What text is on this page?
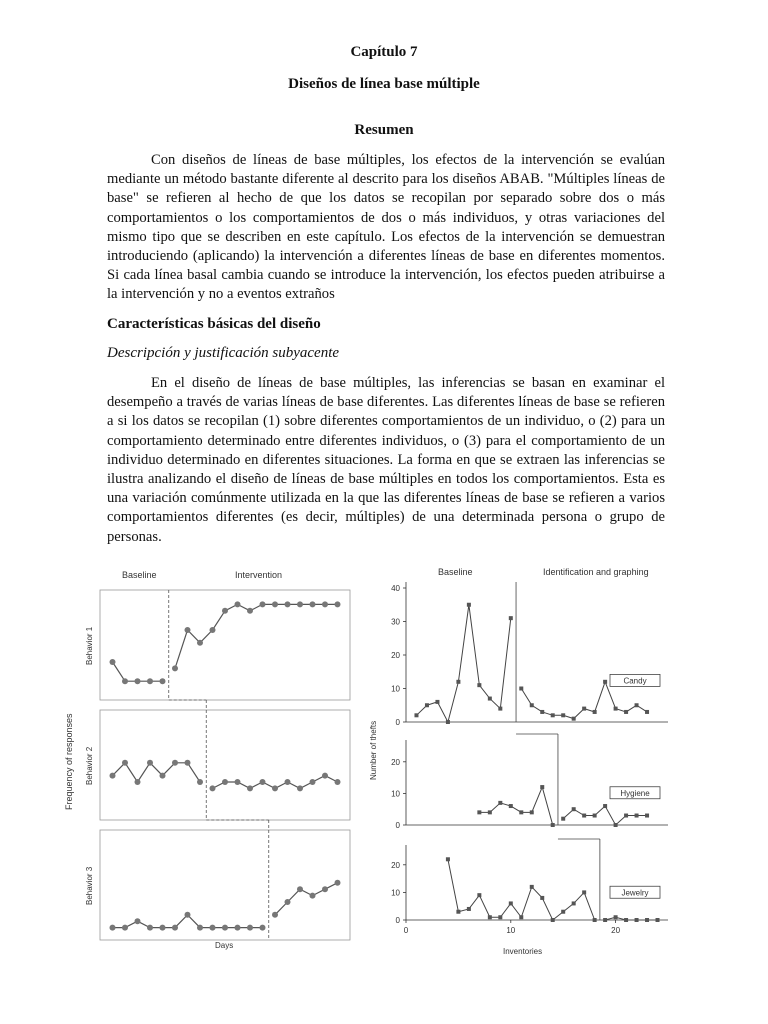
Capítulo 7
Diseños de línea base múltiple
Resumen

Con diseños de líneas de base múltiples, los efectos de la intervención se evalúan mediante un método bastante diferente al descrito para los diseños ABAB. "Múltiples líneas de base" se refieren al hecho de que los datos se recopilan por separado sobre dos o más comportamientos o los comportamientos de dos o más individuos, y otras variaciones del mismo tipo que se describen en este capítulo. Los efectos de la intervención se demuestran introduciendo (aplicando) la intervención a diferentes líneas de base en diferentes momentos. Si cada línea basal cambia cuando se introduce la intervención, los efectos pueden atribuirse a la intervención y no a eventos extraños

Características básicas del diseño
Descripción y justificación subyacente

En el diseño de líneas de base múltiples, las inferencias se basan en examinar el desempeño a través de varias líneas de base diferentes. Las diferentes líneas de base se refieren a si los datos se recopilan (1) sobre diferentes comportamientos de un individuo, o (2) para un comportamiento determinado entre diferentes individuos, o (3) para el comportamiento de un individuo determinado en diferentes situaciones. La forma en que se extraen las inferencias se ilustra analizando el diseño de líneas de base múltiples en todos los comportamientos. Esta es una variación comúnmente utilizada en la que las diferentes líneas de base se refieren a varios comportamientos diferentes (es decir, múltiples) de una determinada persona o grupo de personas.

Baseline	Intervention
Days
Frequency of responses
Behavior 1
Behavior 2
Behavior 3
Baseline	Identification and graphing
Inventories
Number of thefts 0
10
20
30
40
Candy
0
10
20
Hygiene
0
10
20
Jewelry
0	10	20
